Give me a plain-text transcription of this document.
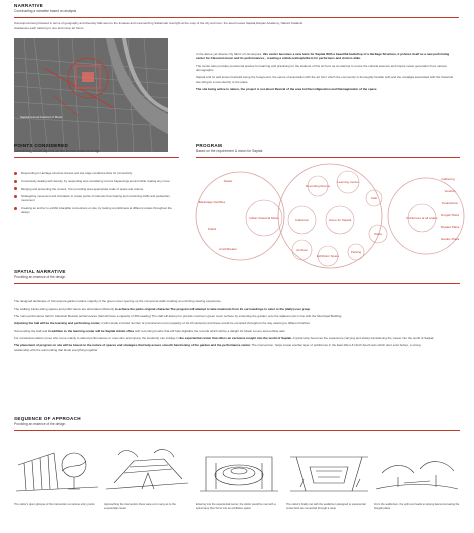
NARRATIVE
Constructing a narrative based on analysis

Usmanpura being blessed in terms of geography and diversity falls west to the timeless and mesmerizing Sabarmati riverright at the cusp of the city and river. the area houses Saptak,Darpan Academy, Natrani Kadamb Academies each catering to one and many art forms

Saptak Annual Festival of Music

In the above yet diverse city fabric of Usmanpura, this center becomes a new home for Saptak With a beautiful backdrop of a Heritage Structure, it pshows itself as a new performing center for Classical music and its performances , creating a collab-orativeplatform for performers and visitors alike.

The center also provides provisional spaces for learning and practising for the students of this art form as an attempt to revive the cultural essence and inspire newer generation from various demographic.

Saptak and its well known festivals being the foreground, the sense of association with the art form which the community is thoroughly familiar with,and the nostalgia associated with the historical site will give a new identity to the place.

The site being active in nature, the project is not about Revival of the area but Reconfiguration and Reimagination of the space

POINTS CONSIDERED
Considering crucial aspects on site to form basis for design
Responding to Heritage structure Access and site edge conditions-links for connectivity
Consciously dealing with density, by responding and considering current happenings around while making any move
Merging and presenting the context, from providing area appropriate scale of space and volume
Strategizing movement and circulation to create points of interests thus helping and monitoring traffic and pedestrian movement
Creating an anchor to exhibit intangible connections on site, by looking at publicness at different scales throughout the design
PROGRAM
Based on the requirement & vision for Saptak
Seater
Backstage Facilities
Toilets
Amphitheater
Indian Classical Music	Auditorium
Recording Rooms
Learning Center
Home for Saptak
Archives
Exhibition Space
Parking
Cafe
Plaza
Publicness at all scales
Gathering
Vendors
Pedestrians
Durgah Plaza
Shaded Plaza
Garden Plaza
SPATIAL NARRATIVE
Providing an essence of the design

The designed landscape of Usmanpura garden retains majority of the green cover opening up the compound walls creating an enriching viewing experience

The walking tracks,sitting spaces and public lawns are articulated efficiently to achieve the parks original character.The program will attempt to take maximum from its surroundings to cater to the (daily) user group

The main performance hall for Classical Musical performances (hall will have a capacity of 300 seating) The Hall will attempt to provide maximum green cover surface by extending the garden onto the adjacent plot in line with the Municipal Building.

Adjoining the hall will be the learning and performing center, it will include a limited number of provisional rooms (capacity of 10-20 students) and these would be occupied throughout the day catering to different batches

Surrounding the Hall and in addition to the learning center will be Saptak Admin office with recording booths that will help digitalize the records which will be a delight for Music Lovers and enthusi-asts

For occasional visitors (ones who come mainly to attend performances or ones who accompany the students) can indulge in the experiential center that offers an exclusive insight into the world of Saptak. A spiral ramp becomes the experience carrying and slowly transitioning the viewer into the world of Saptak

The placement of program on site will be based on the nature of spaces and strategies that help assure smooth functioning of the garden and the performance center. The intervention, helps create another layer of publicness in the East-West & North-South axis which dont exist before, a strong relationship with the surrounding that binds everything together

SEQUENCE OF APPROACH
Providing an essence of the design
The visitor's given glimpse of the intervention at various entry points	Approaching the intervention there were a lot many as to the experiential center
Entering into the experiential center, the visitor would be met with a spiral ramp that Turns into an exhibition space
The visitor's finally met with the auditorium,designed to experiential center,both are connected through a ramp
From the auditorium, the split over leads to sloping lawns,innovating the Durgah plaza
